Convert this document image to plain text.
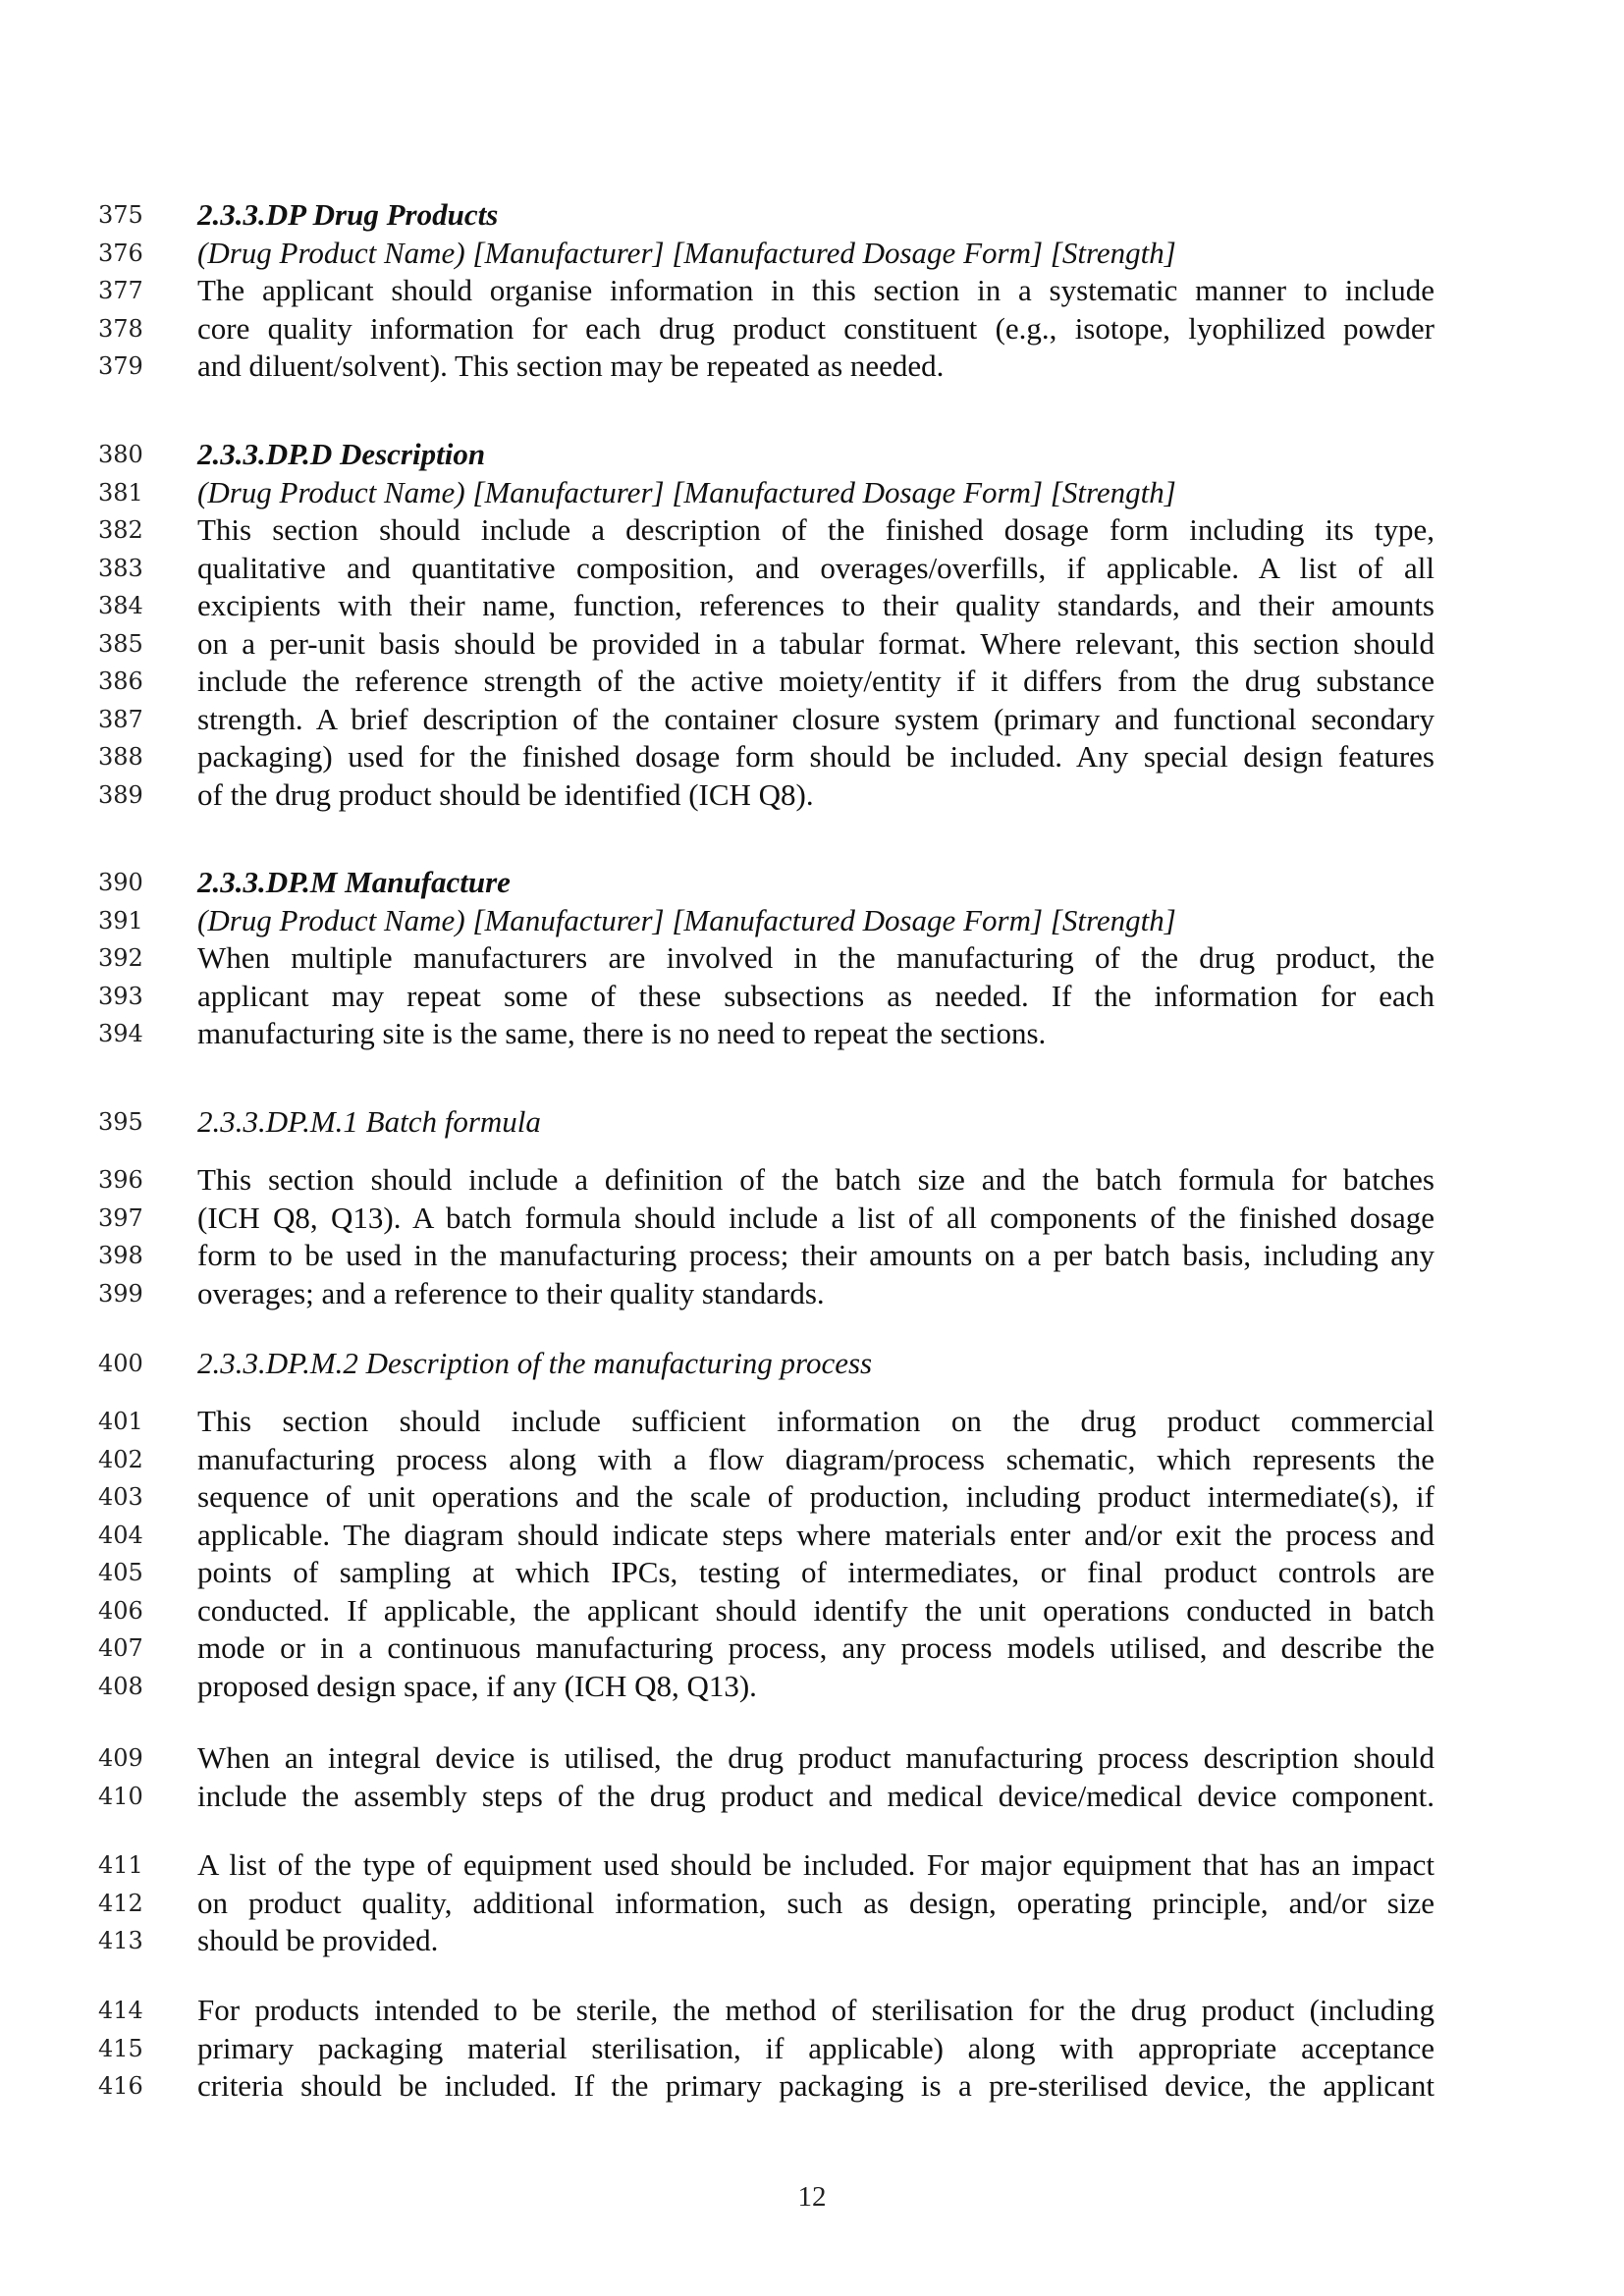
375	2.3.3.DP Drug Products
376	(Drug Product Name) [Manufacturer] [Manufactured Dosage Form] [Strength]
377	The applicant should organise information in this section in a systematic manner to include
378	core quality information for each drug product constituent (e.g., isotope, lyophilized powder
379	and diluent/solvent). This section may be repeated as needed.
380	2.3.3.DP.D Description
381	(Drug Product Name) [Manufacturer] [Manufactured Dosage Form] [Strength]
382	This section should include a description of the finished dosage form including its type,
383	qualitative and quantitative composition, and overages/overfills, if applicable. A list of all
384	excipients with their name, function, references to their quality standards, and their amounts
385	on a per-unit basis should be provided in a tabular format. Where relevant, this section should
386	include the reference strength of the active moiety/entity if it differs from the drug substance
387	strength. A brief description of the container closure system (primary and functional secondary
388	packaging) used for the finished dosage form should be included. Any special design features
389	of the drug product should be identified (ICH Q8).
390	2.3.3.DP.M Manufacture
391	(Drug Product Name) [Manufacturer] [Manufactured Dosage Form] [Strength]
392	When multiple manufacturers are involved in the manufacturing of the drug product, the
393	applicant may repeat some of these subsections as needed. If the information for each
394	manufacturing site is the same, there is no need to repeat the sections.
395	2.3.3.DP.M.1 Batch formula
396	This section should include a definition of the batch size and the batch formula for batches
397	(ICH Q8, Q13). A batch formula should include a list of all components of the finished dosage
398	form to be used in the manufacturing process; their amounts on a per batch basis, including any
399	overages; and a reference to their quality standards.
400	2.3.3.DP.M.2 Description of the manufacturing process
401	This section should include sufficient information on the drug product commercial
402	manufacturing process along with a flow diagram/process schematic, which represents the
403	sequence of unit operations and the scale of production, including product intermediate(s), if
404	applicable. The diagram should indicate steps where materials enter and/or exit the process and
405	points of sampling at which IPCs, testing of intermediates, or final product controls are
406	conducted. If applicable, the applicant should identify the unit operations conducted in batch
407	mode or in a continuous manufacturing process, any process models utilised, and describe the
408	proposed design space, if any (ICH Q8, Q13).
409	When an integral device is utilised, the drug product manufacturing process description should
410	include the assembly steps of the drug product and medical device/medical device component.
411	A list of the type of equipment used should be included. For major equipment that has an impact
412	on product quality, additional information, such as design, operating principle, and/or size
413	should be provided.
414	For products intended to be sterile, the method of sterilisation for the drug product (including
415	primary packaging material sterilisation, if applicable) along with appropriate acceptance
416	criteria should be included. If the primary packaging is a pre-sterilised device, the applicant
12
